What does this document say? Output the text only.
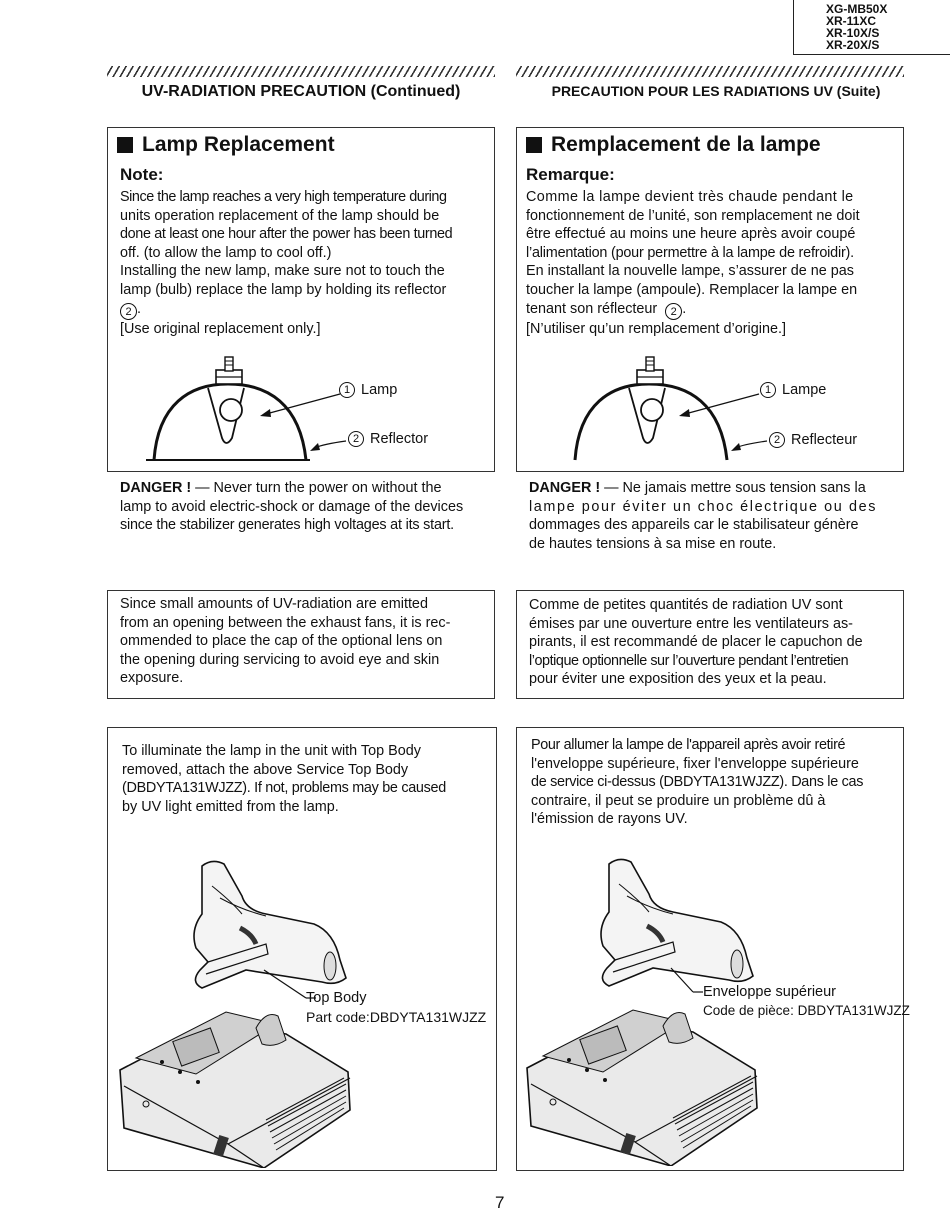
XG-MB50X
XR-11XC
XR-10X/S
XR-20X/S
UV-RADIATION PRECAUTION (Continued)	PRECAUTION POUR LES RADIATIONS UV (Suite)
Lamp Replacement
Note:
Since the lamp reaches a very high temperature during
units operation replacement of the lamp should be
done at least one hour after the power has been turned
off. (to allow the lamp to cool off.)
Installing the new lamp, make sure not to touch the
lamp (bulb) replace the lamp by holding its reflector
2 .
[Use original replacement only.]
1 Lamp
2 Reflector
Remplacement de la lampe
Remarque:
Comme la lampe devient très chaude pendant le
fonctionnement de l’unité, son remplacement ne doit
être effectué au moins une heure après avoir coupé
l’alimentation (pour permettre à la lampe de refroidir).
En installant la nouvelle lampe, s’assurer de ne pas
toucher la lampe (ampoule). Remplacer la lampe en
tenant son réflecteur  2 .
[N’utiliser qu’un remplacement d’origine.]
1 Lampe
2 Reflecteur
DANGER ! — Never turn the power on without the
lamp to avoid electric-shock or damage of the devices
since the stabilizer generates high voltages at its start.
DANGER ! — Ne jamais mettre sous tension sans la
lampe pour éviter un choc électrique ou des
dommages des appareils car le stabilisateur génère
de hautes tensions à sa mise en route.
Since small amounts of UV-radiation are emitted
from an opening between the exhaust fans, it is rec-
ommended to place the cap of the optional lens on
the opening during servicing to avoid eye and skin
exposure.
Comme de petites quantités de radiation UV sont
émises par une ouverture entre les ventilateurs as-
pirants, il est recommandé de placer le capuchon de
l’optique optionnelle sur l’ouverture pendant l’entretien
pour éviter une exposition des yeux et la peau.
To illuminate the lamp in the unit with Top Body
removed, attach the above Service Top Body
(DBDYTA131WJZZ). If not, problems may be caused
by UV light emitted from the lamp.
Top Body
Part code:DBDYTA131WJZZ
Pour allumer la lampe de l'appareil après avoir retiré
l'enveloppe supérieure, fixer l'enveloppe supérieure
de service ci-dessus (DBDYTA131WJZZ). Dans le cas
contraire, il peut se produire un problème dû à
l'émission de rayons UV.
Enveloppe supérieur
Code de pièce: DBDYTA131WJZZ
7
